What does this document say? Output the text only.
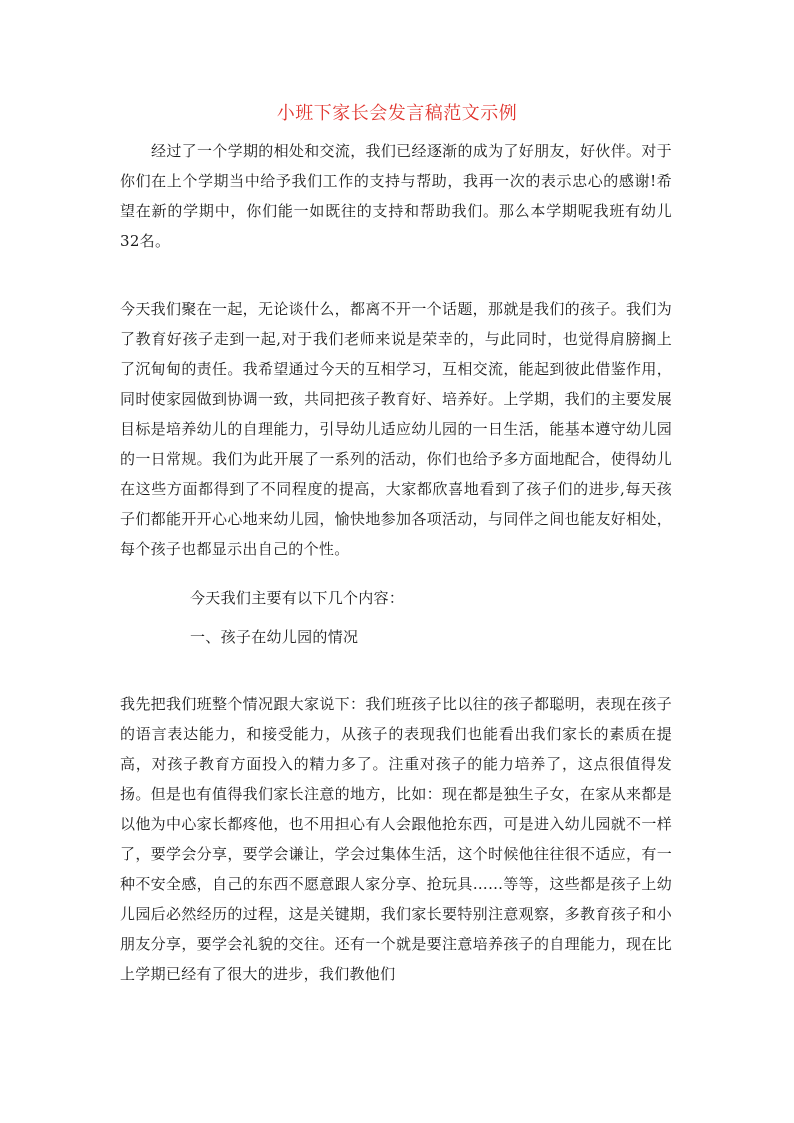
小班下家长会发言稿范文示例

经过了一个学期的相处和交流，我们已经逐渐的成为了好朋友，好伙伴。对于你们在上个学期当中给予我们工作的支持与帮助，我再一次的表示忠心的感谢!希望在新的学期中，你们能一如既往的支持和帮助我们。那么本学期呢我班有幼儿32名。

今天我们聚在一起，无论谈什么，都离不开一个话题，那就是我们的孩子。我们为了教育好孩子走到一起,对于我们老师来说是荣幸的，与此同时，也觉得肩膀搁上了沉甸甸的责任。我希望通过今天的互相学习，互相交流，能起到彼此借鉴作用，同时使家园做到协调一致，共同把孩子教育好、培养好。上学期，我们的主要发展目标是培养幼儿的自理能力，引导幼儿适应幼儿园的一日生活，能基本遵守幼儿园的一日常规。我们为此开展了一系列的活动，你们也给予多方面地配合，使得幼儿在这些方面都得到了不同程度的提高，大家都欣喜地看到了孩子们的进步,每天孩子们都能开开心心地来幼儿园，愉快地参加各项活动，与同伴之间也能友好相处，每个孩子也都显示出自己的个性。

今天我们主要有以下几个内容：

一、孩子在幼儿园的情况

我先把我们班整个情况跟大家说下：我们班孩子比以往的孩子都聪明，表现在孩子的语言表达能力，和接受能力，从孩子的表现我们也能看出我们家长的素质在提高，对孩子教育方面投入的精力多了。注重对孩子的能力培养了，这点很值得发扬。但是也有值得我们家长注意的地方，比如：现在都是独生子女，在家从来都是以他为中心家长都疼他，也不用担心有人会跟他抢东西，可是进入幼儿园就不一样了，要学会分享，要学会谦让，学会过集体生活，这个时候他往往很不适应，有一种不安全感，自己的东西不愿意跟人家分享、抢玩具……等等，这些都是孩子上幼儿园后必然经历的过程，这是关键期，我们家长要特别注意观察，多教育孩子和小朋友分享，要学会礼貌的交往。还有一个就是要注意培养孩子的自理能力，现在比上学期已经有了很大的进步，我们教他们
